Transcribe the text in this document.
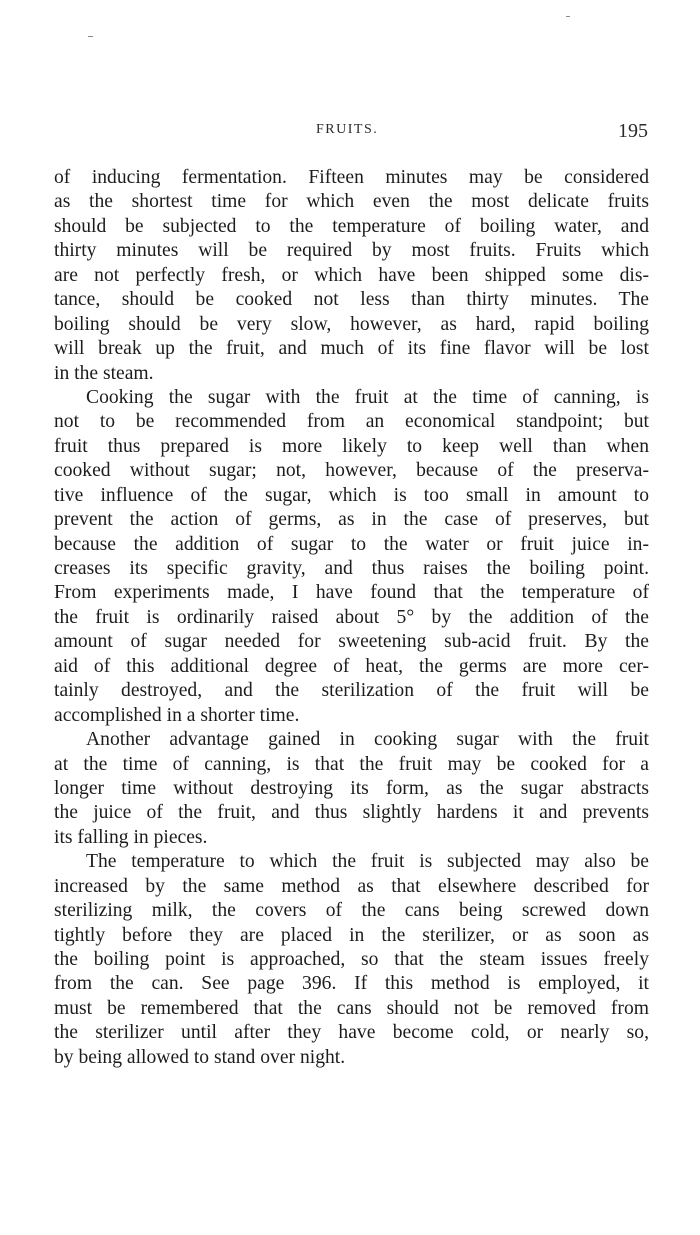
FRUITS.	195
of inducing fermentation. Fifteen minutes may be considered
as the shortest time for which even the most delicate fruits
should be subjected to the temperature of boiling water, and
thirty minutes will be required by most fruits. Fruits which
are not perfectly fresh, or which have been shipped some dis-
tance, should be cooked not less than thirty minutes. The
boiling should be very slow, however, as hard, rapid boiling
will break up the fruit, and much of its fine flavor will be lost
in the steam.
Cooking the sugar with the fruit at the time of canning, is
not to be recommended from an economical standpoint; but
fruit thus prepared is more likely to keep well than when
cooked without sugar; not, however, because of the preserva-
tive influence of the sugar, which is too small in amount to
prevent the action of germs, as in the case of preserves, but
because the addition of sugar to the water or fruit juice in-
creases its specific gravity, and thus raises the boiling point.
From experiments made, I have found that the temperature of
the fruit is ordinarily raised about 5° by the addition of the
amount of sugar needed for sweetening sub-acid fruit. By the
aid of this additional degree of heat, the germs are more cer-
tainly destroyed, and the sterilization of the fruit will be
accomplished in a shorter time.
Another advantage gained in cooking sugar with the fruit
at the time of canning, is that the fruit may be cooked for a
longer time without destroying its form, as the sugar abstracts
the juice of the fruit, and thus slightly hardens it and prevents
its falling in pieces.
The temperature to which the fruit is subjected may also be
increased by the same method as that elsewhere described for
sterilizing milk, the covers of the cans being screwed down
tightly before they are placed in the sterilizer, or as soon as
the boiling point is approached, so that the steam issues freely
from the can. See page 396. If this method is employed, it
must be remembered that the cans should not be removed from
the sterilizer until after they have become cold, or nearly so,
by being allowed to stand over night.
